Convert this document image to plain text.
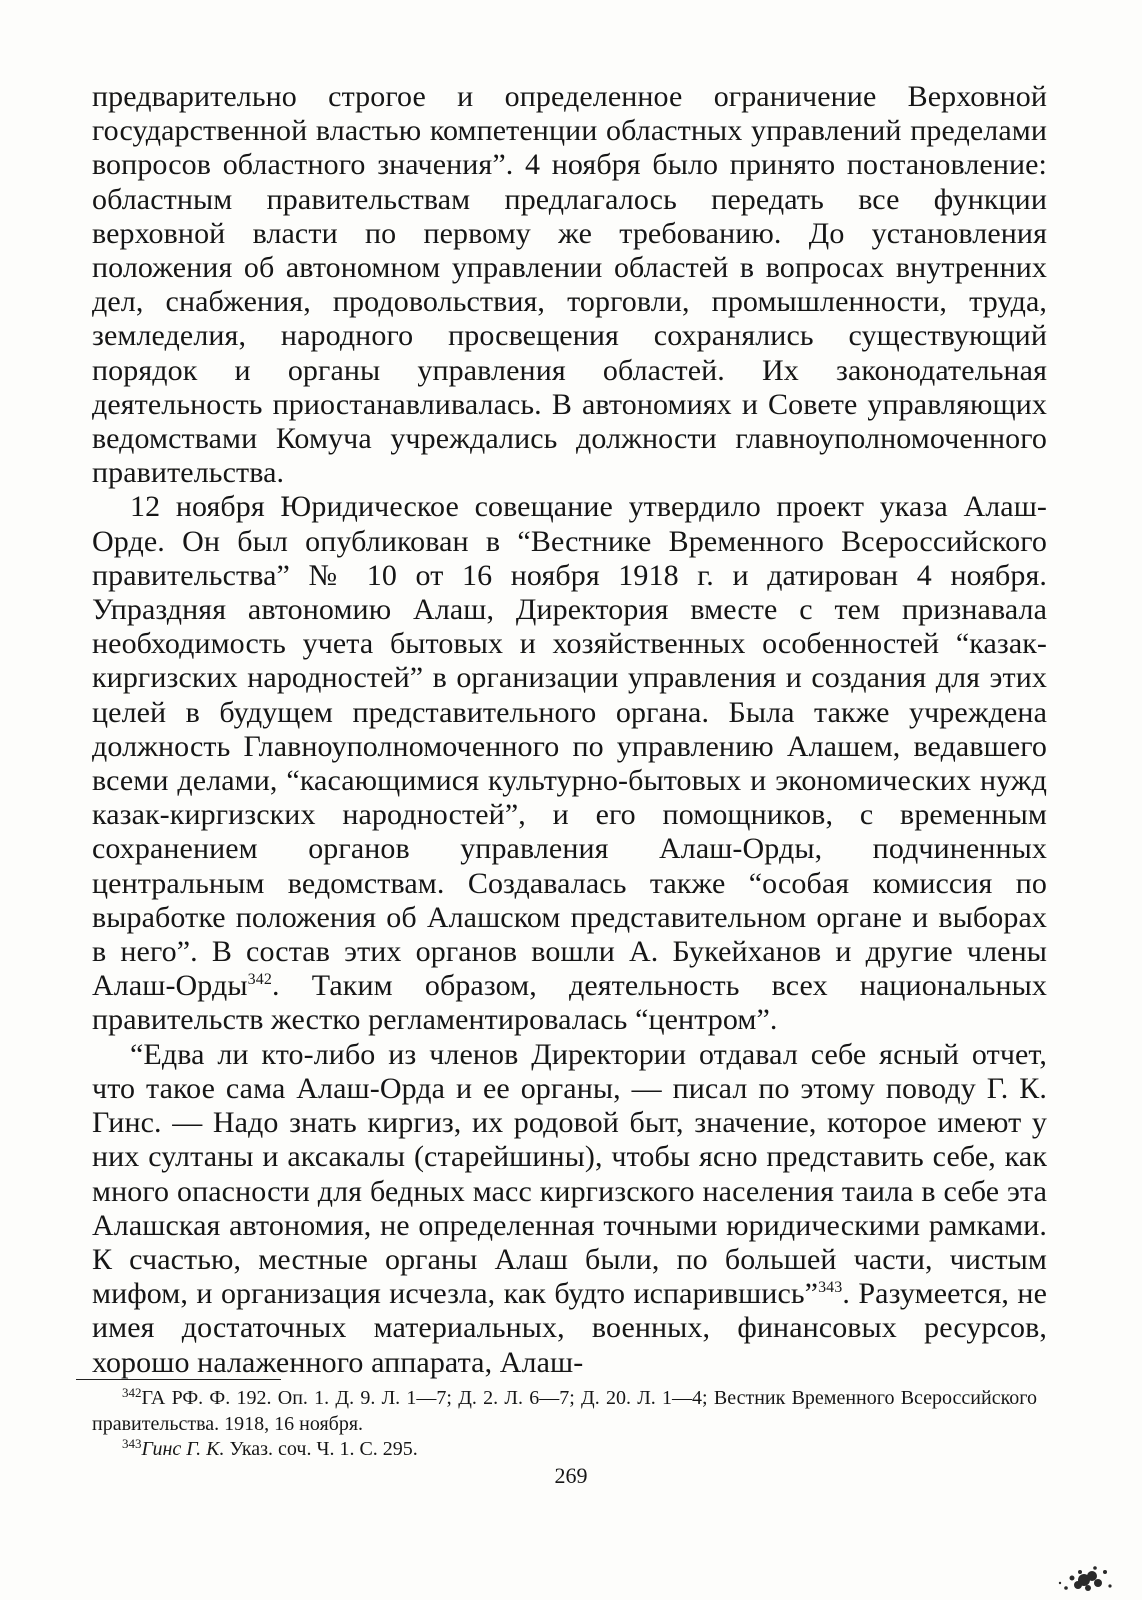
предварительно строгое и определенное ограничение Верховной государственной властью компетенции областных управлений пределами вопросов областного значения”. 4 ноября было принято постановление: областным правительствам предлагалось передать все функции верховной власти по первому же требованию. До установления положения об автономном управлении областей в вопросах внутренних дел, снабжения, продовольствия, торговли, промышленности, труда, земледелия, народного просвещения сохранялись существующий порядок и органы управления областей. Их законодательная деятельность приостанавливалась. В автономиях и Совете управляющих ведомствами Комуча учреждались должности главноуполномоченного правительства.

12 ноября Юридическое совещание утвердило проект указа Алаш-Орде. Он был опубликован в “Вестнике Временного Всероссийского правительства” № 10 от 16 ноября 1918 г. и датирован 4 ноября. Упраздняя автономию Алаш, Директория вместе с тем признавала необходимость учета бытовых и хозяйственных особенностей “казак-киргизских народностей” в организации управления и создания для этих целей в будущем представительного органа. Была также учреждена должность Главноуполномоченного по управлению Алашем, ведавшего всеми делами, “касающимися культурно-бытовых и экономических нужд казак-киргизских народностей”, и его помощников, с временным сохранением органов управления Алаш-Орды, подчиненных центральным ведомствам. Создавалась также “особая комиссия по выработке положения об Алашском представительном органе и выборах в него”. В состав этих органов вошли А. Букейханов и другие члены Алаш-Орды$^{342}$. Таким образом, деятельность всех национальных правительств жестко регламентировалась “центром”.

“Едва ли кто-либо из членов Директории отдавал себе ясный отчет, что такое сама Алаш-Орда и ее органы, — писал по этому поводу Г. К. Гинс. — Надо знать киргиз, их родовой быт, значение, которое имеют у них султаны и аксакалы (старейшины), чтобы ясно представить себе, как много опасности для бедных масс киргизского населения таила в себе эта Алашская автономия, не определенная точными юридическими рамками. К счастью, местные органы Алаш были, по большей части, чистым мифом, и организация исчезла, как будто испарившись”$^{343}$. Разумеется, не имея достаточных материальных, военных, финансовых ресурсов, хорошо налаженного аппарата, Алаш-

$^{342}$ГА РФ. Ф. 192. Оп. 1. Д. 9. Л. 1—7; Д. 2. Л. 6—7; Д. 20. Л. 1—4; Вестник Временного Всероссийского правительства. 1918, 16 ноября.

$^{343}$Гинс Г. К. Указ. соч. Ч. 1. С. 295.

269
